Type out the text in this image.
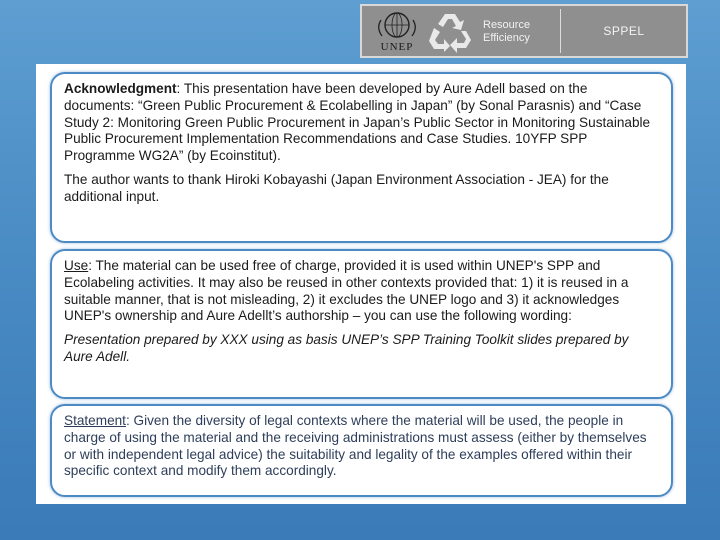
UNEP
Resource
Efficiency	SPPEL

Acknowledgment: This presentation have been developed by Aure Adell based on the documents: “Green Public Procurement & Ecolabelling in Japan” (by Sonal Parasnis) and “Case Study 2: Monitoring Green Public Procurement in Japan’s Public Sector in Monitoring Sustainable Public Procurement Implementation Recommendations and Case Studies. 10YFP SPP Programme WG2A” (by Ecoinstitut).

The author wants to thank Hiroki Kobayashi (Japan Environment Association - JEA) for the additional input.

Use: The material can be used free of charge, provided it is used within UNEP's SPP and Ecolabeling activities. It may also be reused in other contexts provided that: 1) it is reused in a suitable manner, that is not misleading, 2) it excludes the UNEP logo and 3) it acknowledges UNEP's ownership and Aure Adellt’s authorship – you can use the following wording:

Presentation prepared by XXX using as basis UNEP’s SPP Training Toolkit slides prepared by Aure Adell.

Statement: Given the diversity of legal contexts where the material will be used, the people in charge of using the material and the receiving administrations must assess (either by themselves or with independent legal advice) the suitability and legality of the examples offered within their specific context and modify them accordingly.
